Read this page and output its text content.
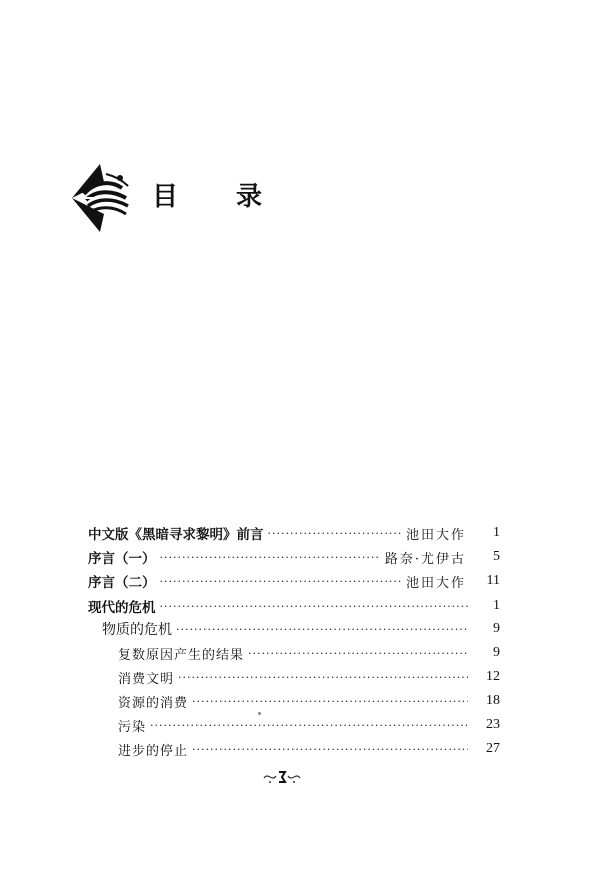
目 录
中文版《黑暗寻求黎明》前言 ·····	池田大作	1
序言（一） ·····	路奈·尤伊古	5
序言（二） ·····	池田大作	11
现代的危机 ·····	1
物质的危机 ·····	9
复数原因产生的结果 ·····	9
消费文明 ·····	12
资源的消费 ·····	18
污染 ·····	23
进步的停止 ·····	27
